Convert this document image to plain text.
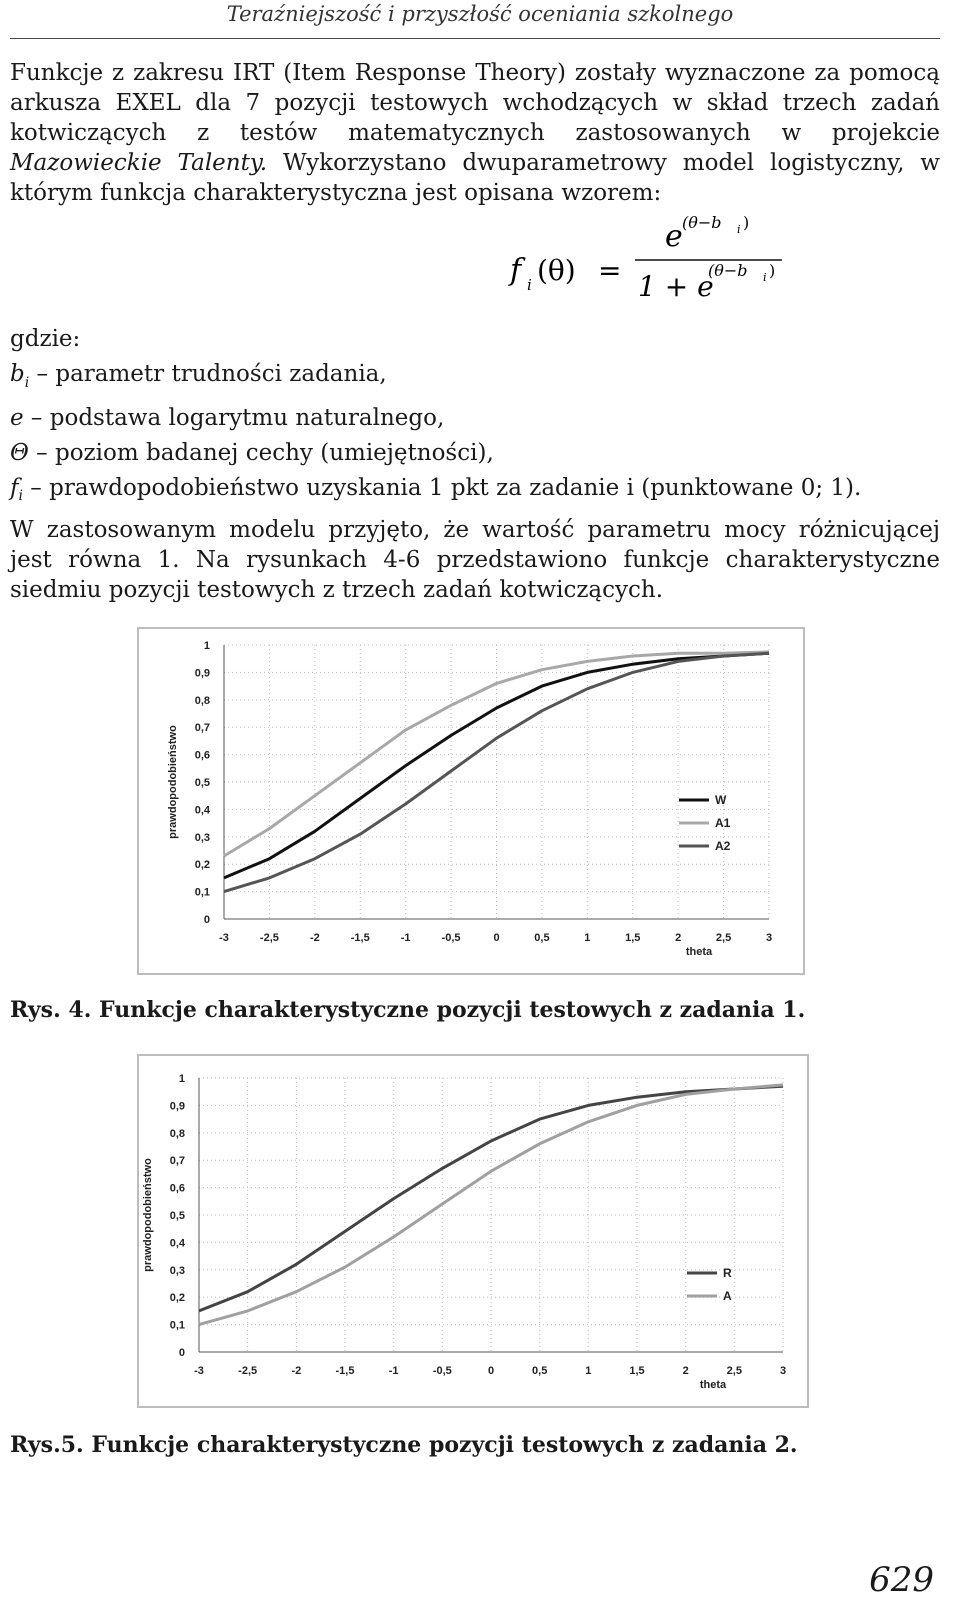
Teraźniejszość i przyszłość oceniania szkolnego

Funkcje z zakresu IRT (Item Response Theory) zostały wyznaczone za pomocą arkusza EXEL dla 7 pozycji testowych wchodzących w skład trzech zadań kotwiczących z testów matematycznych zastosowanych w projekcie Mazowieckie Talenty. Wykorzystano dwuparametrowy model logistyczny, w którym funkcja charakterystyczna jest opisana wzorem:

f i (θ) =
e (θ−b i )
1 + e
(θ−b i )
gdzie:
$b_i$ – parametr trudności zadania,
e – podstawa logarytmu naturalnego,
Θ – poziom badanej cechy (umiejętności),
$f_i$ – prawdopodobieństwo uzyskania 1 pkt za zadanie i (punktowane 0; 1).

W zastosowanym modelu przyjęto, że wartość parametru mocy różnicującej jest równa 1. Na rysunkach 4-6 przedstawiono funkcje charakterystyczne siedmiu pozycji testowych z trzech zadań kotwiczących.

0
0,1
0,2
0,3
0,4
0,5
0,6
0,7
0,8
0,9
1
-3	-2,5	-2	-1,5	-1	-0,5	0	0,5	1	1,5	2	2,5	3
theta
prawdopodobieństwo	W
A1
A2
Rys. 4. Funkcje charakterystyczne pozycji testowych z zadania 1.
0
0,1
0,2
0,3
0,4
0,5
0,6
0,7
0,8
0,9
1
-3	-2,5	-2	-1,5	-1	-0,5	0	0,5	1	1,5	2	2,5	3
theta
prawdopodobieństwo
R
A
Rys.5. Funkcje charakterystyczne pozycji testowych z zadania 2.
629
